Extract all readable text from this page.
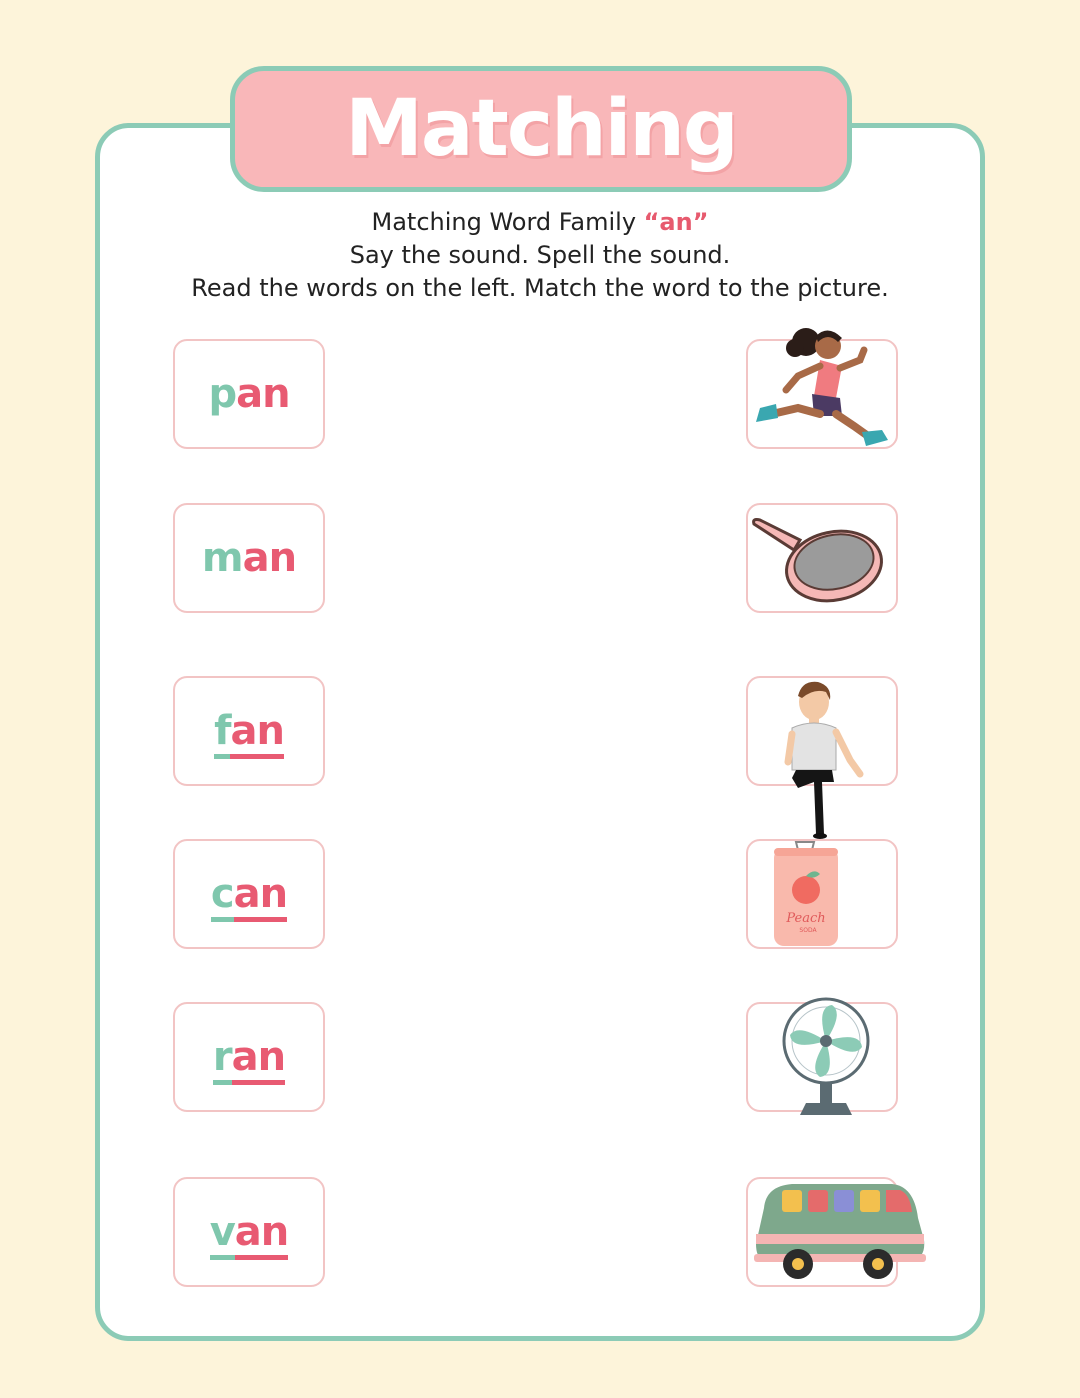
Matching
Matching Word Family “an”
Say the sound. Spell the sound.
Read the words on the left. Match the word to the picture.
pan
man
fan
can
ran
van
Peach
SODA
